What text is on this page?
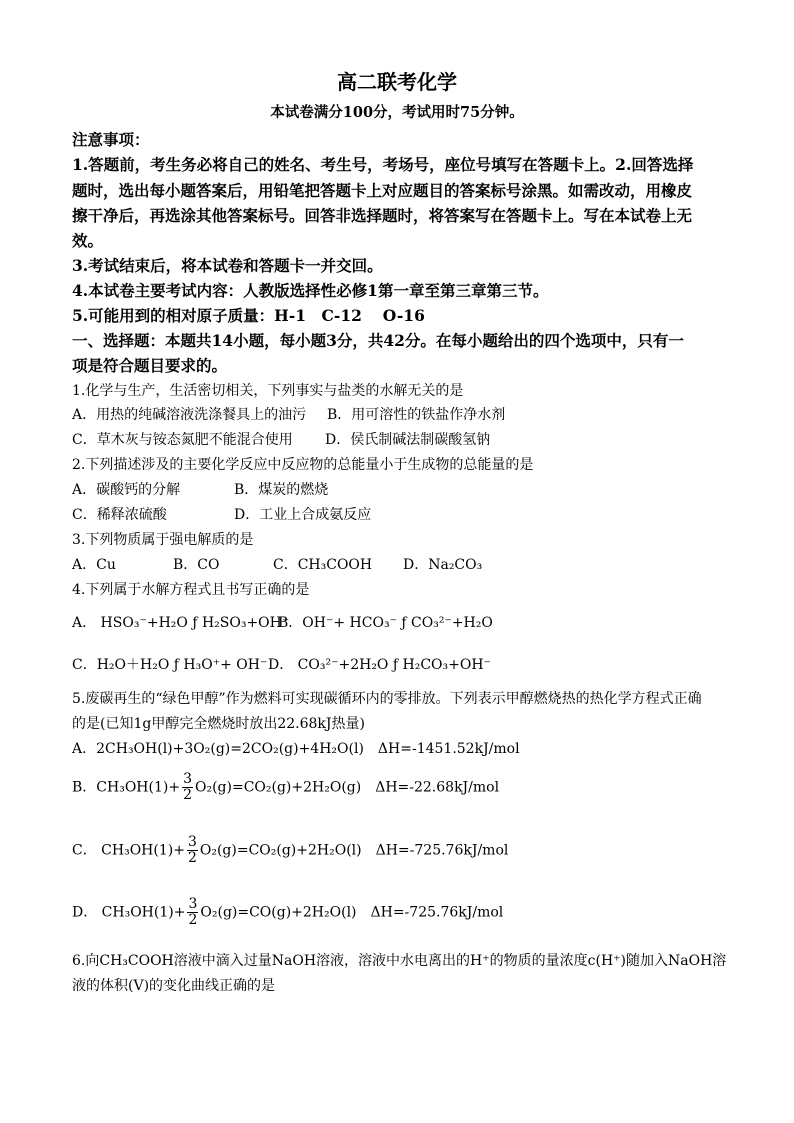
高二联考化学
本试卷满分100分，考试用时75分钟。
注意事项：
1.答题前，考生务必将自己的姓名、考生号，考场号，座位号填写在答题卡上。2.回答选择
题时，选出每小题答案后，用铅笔把答题卡上对应题目的答案标号涂黑。如需改动，用橡皮
擦干净后，再选涂其他答案标号。回答非选择题时，将答案写在答题卡上。写在本试卷上无
效。
3.考试结束后，将本试卷和答题卡一并交回。
4.本试卷主要考试内容：人教版选择性必修1第一章至第三章第三节。
5.可能用到的相对原子质量：H-1　C-12　 O-16
一、选择题：本题共14小题，每小题3分，共42分。在每小题给出的四个选项中，只有一
项是符合题目要求的。
1.化学与生产，生活密切相关，下列事实与盐类的水解无关的是
A．用热的纯碱溶液洗涤餐具上的油污 B．用可溶性的铁盐作净水剂
C．草木灰与铵态氮肥不能混合使用 D．侯氏制碱法制碳酸氢钠
2.下列描述涉及的主要化学反应中反应物的总能量小于生成物的总能量的是
A．碳酸钙的分解	B．煤炭的燃烧
C．稀释浓硫酸	D．工业上合成氨反应
3.下列物质属于强电解质的是
A．Cu	B．CO	C．CH₃COOH D．Na₂CO₃
4.下列属于水解方程式且书写正确的是
A． HSO₃⁻+H₂O ƒ H₂SO₃+OH⁻
B．OH⁻+ HCO₃⁻ ƒ CO₃²⁻+H₂O
C．H₂O＋H₂O ƒ H₃O⁺+ OH⁻ D． CO₃²⁻+2H₂O ƒ H₂CO₃+OH⁻
5.废碳再生的“绿色甲醇”作为燃料可实现碳循环内的零排放。下列表示甲醇燃烧热的热化学方程式正确
的是(已知1g甲醇完全燃烧时放出22.68kJ热量)
A．2CH₃OH(l)+3O₂(g)=2CO₂(g)+4H₂O(l)　ΔH=-1451.52kJ/mol
B．$CH_3OH(1)+ \frac{3}{2} O_2(g)=CO_2(g)+2H_2O(g)$　ΔH=-22.68kJ/mol
C． $CH_3OH(1)+ \frac{3}{2} O_2(g)=CO_2(g)+2H_2O(l)$　ΔH=-725.76kJ/mol
D． $CH_3OH(1)+ \frac{3}{2} O_2(g)=CO(g)+2H_2O(l)$　ΔH=-725.76kJ/mol
6.向CH₃COOH溶液中滴入过量NaOH溶液，溶液中水电离出的H⁺的物质的量浓度c(H⁺)随加入NaOH溶
液的体积(V)的变化曲线正确的是
